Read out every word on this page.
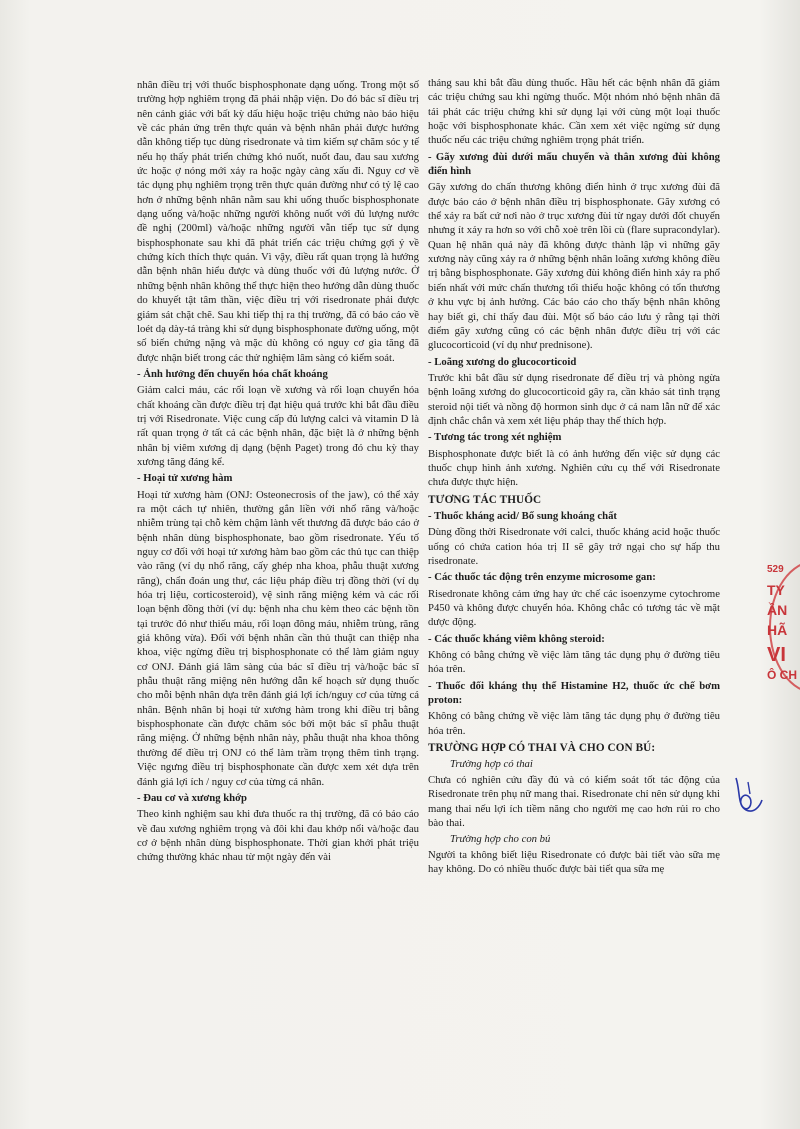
nhân điều trị với thuốc bisphosphonate dạng uống. Trong một số trường hợp nghiêm trọng đã phải nhập viện. Do đó bác sĩ điều trị nên cảnh giác với bất kỳ dấu hiệu hoặc triệu chứng nào báo hiệu về các phản ứng trên thực quản và bệnh nhân phải được hướng dẫn không tiếp tục dùng risedronate và tìm kiếm sự chăm sóc y tế nếu họ thấy phát triển chứng khó nuốt, nuốt đau, đau sau xương ức hoặc ợ nóng mới xảy ra hoặc ngày càng xấu đi. Nguy cơ về tác dụng phụ nghiêm trọng trên thực quản đường như có tỷ lệ cao hơn ở những bệnh nhân nằm sau khi uống thuốc bisphosphonate dạng uống và/hoặc những người không nuốt với đủ lượng nước đề nghị (200ml) và/hoặc những người vẫn tiếp tục sử dụng bisphosphonate sau khi đã phát triển các triệu chứng gợi ý về chứng kích thích thực quản. Vì vậy, điều rất quan trọng là hướng dẫn bệnh nhân hiểu được và dùng thuốc với đủ lượng nước. Ở những bệnh nhân không thể thực hiện theo hướng dẫn dùng thuốc do khuyết tật tâm thần, việc điều trị với risedronate phải được giám sát chặt chẽ. Sau khi tiếp thị ra thị trường, đã có báo cáo về loét dạ dày-tá tràng khi sử dụng bisphosphonate đường uống, một số biến chứng nặng và mặc dù không có nguy cơ gia tăng đã được nhận biết trong các thử nghiệm lâm sàng có kiểm soát.

- Ảnh hưởng đến chuyển hóa chất khoáng

Giảm calci máu, các rối loạn về xương và rối loạn chuyển hóa chất khoáng cần được điều trị đạt hiệu quả trước khi bắt đầu điều trị với Risedronate. Việc cung cấp đủ lượng calci và vitamin D là rất quan trọng ở tất cả các bệnh nhân, đặc biệt là ở những bệnh nhân bị viêm xương dị dạng (bệnh Paget) trong đó chu kỳ thay xương tăng đáng kể.

- Hoại tử xương hàm

Hoại tử xương hàm (ONJ: Osteonecrosis of the jaw), có thể xảy ra một cách tự nhiên, thường gắn liền với nhổ răng và/hoặc nhiễm trùng tại chỗ kèm chậm lành vết thương đã được báo cáo ở bệnh nhân dùng bisphosphonate, bao gồm risedronate. Yếu tố nguy cơ đối với hoại tử xương hàm bao gồm các thủ tục can thiệp vào răng (ví dụ nhổ răng, cấy ghép nha khoa, phẫu thuật xương răng), chẩn đoán ung thư, các liệu pháp điều trị đồng thời (ví dụ hóa trị liệu, corticosteroid), vệ sinh răng miệng kém và các rối loạn bệnh đồng thời (ví dụ: bệnh nha chu kèm theo các bệnh tồn tại trước đó như thiếu máu, rối loạn đông máu, nhiễm trùng, răng giả không vừa). Đối với bệnh nhân cần thủ thuật can thiệp nha khoa, việc ngừng điều trị bisphosphonate có thể làm giảm nguy cơ ONJ. Đánh giá lâm sàng của bác sĩ điều trị và/hoặc bác sĩ phẫu thuật răng miệng nên hướng dẫn kế hoạch sử dụng thuốc cho mỗi bệnh nhân dựa trên đánh giá lợi ích/nguy cơ của từng cá nhân. Bệnh nhân bị hoại tử xương hàm trong khi điều trị bằng bisphosphonate cần được chăm sóc bởi một bác sĩ phẫu thuật răng miệng. Ở những bệnh nhân này, phẫu thuật nha khoa thông thường để điều trị ONJ có thể làm trầm trọng thêm tình trạng. Việc ngưng điều trị bisphosphonate cần được xem xét dựa trên đánh giá lợi ích / nguy cơ của từng cá nhân.

- Đau cơ và xương khớp

Theo kinh nghiệm sau khi đưa thuốc ra thị trường, đã có báo cáo về đau xương nghiêm trọng và đôi khi đau khớp nổi và/hoặc đau cơ ở bệnh nhân dùng bisphosphonate. Thời gian khởi phát triệu chứng thường khác nhau từ một ngày đến vài

tháng sau khi bắt đầu dùng thuốc. Hầu hết các bệnh nhân đã giảm các triệu chứng sau khi ngừng thuốc. Một nhóm nhỏ bệnh nhân đã tái phát các triệu chứng khi sử dụng lại với cùng một loại thuốc hoặc với bisphosphonate khác. Cần xem xét việc ngừng sử dụng thuốc nếu các triệu chứng nghiêm trọng phát triển.

- Gãy xương đùi dưới mấu chuyển và thân xương đùi không điển hình

Gãy xương do chấn thương không điển hình ở trục xương đùi đã được báo cáo ở bệnh nhân điều trị bisphosphonate. Gãy xương có thể xảy ra bất cứ nơi nào ở trục xương đùi từ ngay dưới đốt chuyển nhưng ít xảy ra hơn so với chỗ xoè trên lồi cù (flare supracondylar). Quan hệ nhân quả này đã không được thành lập vì những gãy xương này cũng xảy ra ở những bệnh nhân loãng xương không điều trị bằng bisphosphonate. Gãy xương đùi không điển hình xảy ra phổ biến nhất với mức chấn thương tối thiểu hoặc không có tổn thương ở khu vực bị ảnh hưởng. Các báo cáo cho thấy bệnh nhân không hay biết gì, chỉ thấy đau đùi. Một số báo cáo lưu ý rằng tại thời điểm gãy xương cũng có các bệnh nhân được điều trị với các glucocorticoid (ví dụ như prednisone).

- Loãng xương do glucocorticoid

Trước khi bắt đầu sử dụng risedronate để điều trị và phòng ngừa bệnh loãng xương do glucocorticoid gây ra, cần khảo sát tình trạng steroid nội tiết và nồng độ hormon sinh dục ở cả nam lẫn nữ để xác định chắc chắn và xem xét liệu pháp thay thế thích hợp.

- Tương tác trong xét nghiệm

Bisphosphonate được biết là có ảnh hưởng đến việc sử dụng các thuốc chụp hình ảnh xương. Nghiên cứu cụ thể với Risedronate chưa được thực hiện.

TƯƠNG TÁC THUỐC

- Thuốc kháng acid/ Bổ sung khoáng chất

Dùng đồng thời Risedronate với calci, thuốc kháng acid hoặc thuốc uống có chứa cation hóa trị II sẽ gây trở ngại cho sự hấp thu risedronate.

- Các thuốc tác động trên enzyme microsome gan:

Risedronate không cảm ứng hay ức chế các isoenzyme cytochrome P450 và không được chuyển hóa. Không chắc có tương tác về mặt dược động.

- Các thuốc kháng viêm không steroid:

Không có bằng chứng về việc làm tăng tác dụng phụ ở đường tiêu hóa trên.

- Thuốc đối kháng thụ thể Histamine H2, thuốc ức chế bơm proton:

Không có bằng chứng về việc làm tăng tác dụng phụ ở đường tiêu hóa trên.

TRƯỜNG HỢP CÓ THAI VÀ CHO CON BÚ:

Trường hợp có thai

Chưa có nghiên cứu đầy đủ và có kiểm soát tốt tác động của Risedronate trên phụ nữ mang thai. Risedronate chỉ nên sử dụng khi mang thai nếu lợi ích tiềm năng cho người mẹ cao hơn rủi ro cho bào thai.

Trường hợp cho con bú

Người ta không biết liệu Risedronate có được bài tiết vào sữa mẹ hay không. Do có nhiều thuốc được bài tiết qua sữa mẹ

529
TY
ẦN
HÃ
VI
Ô CH
